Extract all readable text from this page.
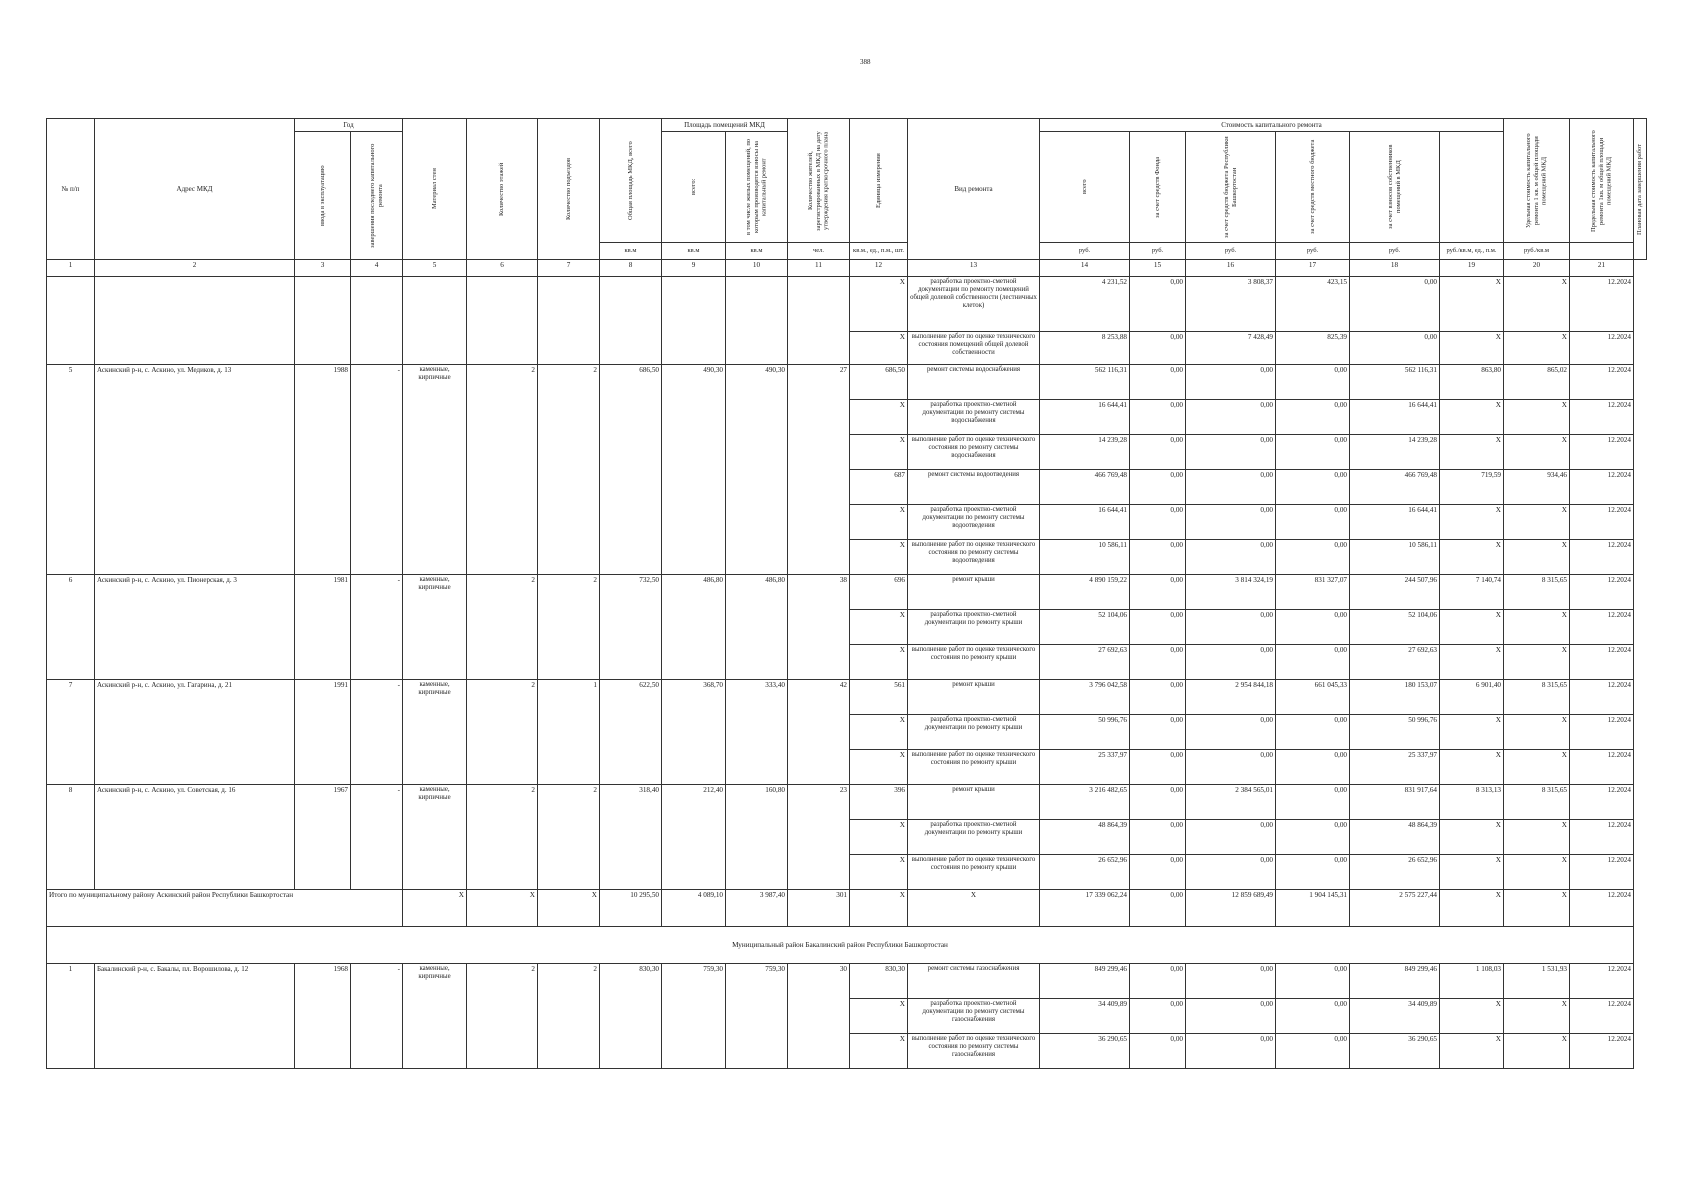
388
№ п/п	Адрес МКД	Год		Материал стен	Количество этажей	Количество подъездов	Общая площадь МКД, всего	Площадь помещений МКД		Количество жителей, зарегистрированных в МКД на дату утверждения краткосрочного плана	Единица измерения	Вид ремонта	Стоимость капитального ремонта						Удельная стоимость капитального ремонта 1 кв. м общей площади помещений МКД	Предельная стоимость капитального ремонта 1кв. м общей площади помещений МКД	Плановая дата завершения работ

ввода в эксплуатацию	завершения последнего капитального ремонта					всего:	в том числе жилых помещений, по которым производятся взносы на капитальный ремонт				всего	за счет средств Фонда	за счет средств бюджета Республики Башкортостан	за счет средств местного бюджета	за счет взносов собственников помещений в МКД				

							кв.м	кв.м	кв.м	чел.	кв.м., ед., п.м., шт.		руб.	руб.	руб.	руб.	руб.	руб./кв.м, ед., п.м.	руб./кв.м		
1	2	3	4	5	6	7	8	9	10	11	12	13	14	15	16	17	18	19	20	21	
											X	разработка проектно-сметной документации по ремонту помещений общей долевой собственности (лестничных клеток)	4 231,52	0,00	3 808,37	423,15	0,00	X	X	12.2024	
											X	выполнение работ по оценке технического состояния помещений общей долевой собственности	8 253,88	0,00	7 428,49	825,39	0,00	X	X	12.2024	
5	Аскинский р-н, с. Аскино, ул. Медиков, д. 13	1988	-	каменные, кирпичные	2	2	686,50	490,30	490,30	27	686,50	ремонт системы водоснабжения	562 116,31	0,00	0,00	0,00	562 116,31	863,80	865,02	12.2024	
											X	разработка проектно-сметной документации по ремонту системы водоснабжения	16 644,41	0,00	0,00	0,00	16 644,41	X	X	12.2024	
											X	выполнение работ по оценке технического состояния по ремонту системы водоснабжения	14 239,28	0,00	0,00	0,00	14 239,28	X	X	12.2024	
											687	ремонт системы водоотведения	466 769,48	0,00	0,00	0,00	466 769,48	719,59	934,46	12.2024	
											X	разработка проектно-сметной документации по ремонту системы водоотведения	16 644,41	0,00	0,00	0,00	16 644,41	X	X	12.2024	
											X	выполнение работ по оценке технического состояния по ремонту системы водоотведения	10 586,11	0,00	0,00	0,00	10 586,11	X	X	12.2024	
6	Аскинский р-н, с. Аскино, ул. Пионерская, д. 3	1981	-	каменные, кирпичные	2	2	732,50	486,80	486,80	38	696	ремонт крыши	4 890 159,22	0,00	3 814 324,19	831 327,07	244 507,96	7 140,74	8 315,65	12.2024	
											X	разработка проектно-сметной документации по ремонту крыши	52 104,06	0,00	0,00	0,00	52 104,06	X	X	12.2024	
											X	выполнение работ по оценке технического состояния по ремонту крыши	27 692,63	0,00	0,00	0,00	27 692,63	X	X	12.2024	
7	Аскинский р-н, с. Аскино, ул. Гагарина, д. 21	1991	-	каменные, кирпичные	2	1	622,50	368,70	333,40	42	561	ремонт крыши	3 796 042,58	0,00	2 954 844,18	661 045,33	180 153,07	6 901,40	8 315,65	12.2024	
											X	разработка проектно-сметной документации по ремонту крыши	50 996,76	0,00	0,00	0,00	50 996,76	X	X	12.2024	
											X	выполнение работ по оценке технического состояния по ремонту крыши	25 337,97	0,00	0,00	0,00	25 337,97	X	X	12.2024	
8	Аскинский р-н, с. Аскино, ул. Советская, д. 16	1967	-	каменные, кирпичные	2	2	318,40	212,40	160,80	23	396	ремонт крыши	3 216 482,65	0,00	2 384 565,01	0,00	831 917,64	8 313,13	8 315,65	12.2024	
											X	разработка проектно-сметной документации по ремонту крыши	48 864,39	0,00	0,00	0,00	48 864,39	X	X	12.2024	
											X	выполнение работ по оценке технического состояния по ремонту крыши	26 652,96	0,00	0,00	0,00	26 652,96	X	X	12.2024	
Итого по муниципальному району Аскинский район Республики Башкортостан				X	X	X	10 295,50	4 089,10	3 987,40	301	X	X	17 339 062,24	0,00	12 859 689,49	1 904 145,31	2 575 227,44	X	X	12.2024	
Муниципальный район Бакалинский район Республики Башкортостан																					
1	Бакалинский р-н, с. Бакалы, пл. Ворошилова, д. 12	1968	-	каменные, кирпичные	2	2	830,30	759,30	759,30	30	830,30	ремонт системы газоснабжения	849 299,46	0,00	0,00	0,00	849 299,46	1 108,03	1 531,93	12.2024	
											X	разработка проектно-сметной документации по ремонту системы газоснабжения	34 409,89	0,00	0,00	0,00	34 409,89	X	X	12.2024	
											X	выполнение работ по оценке технического состояния по ремонту системы газоснабжения	36 290,65	0,00	0,00	0,00	36 290,65	X	X	12.2024	
